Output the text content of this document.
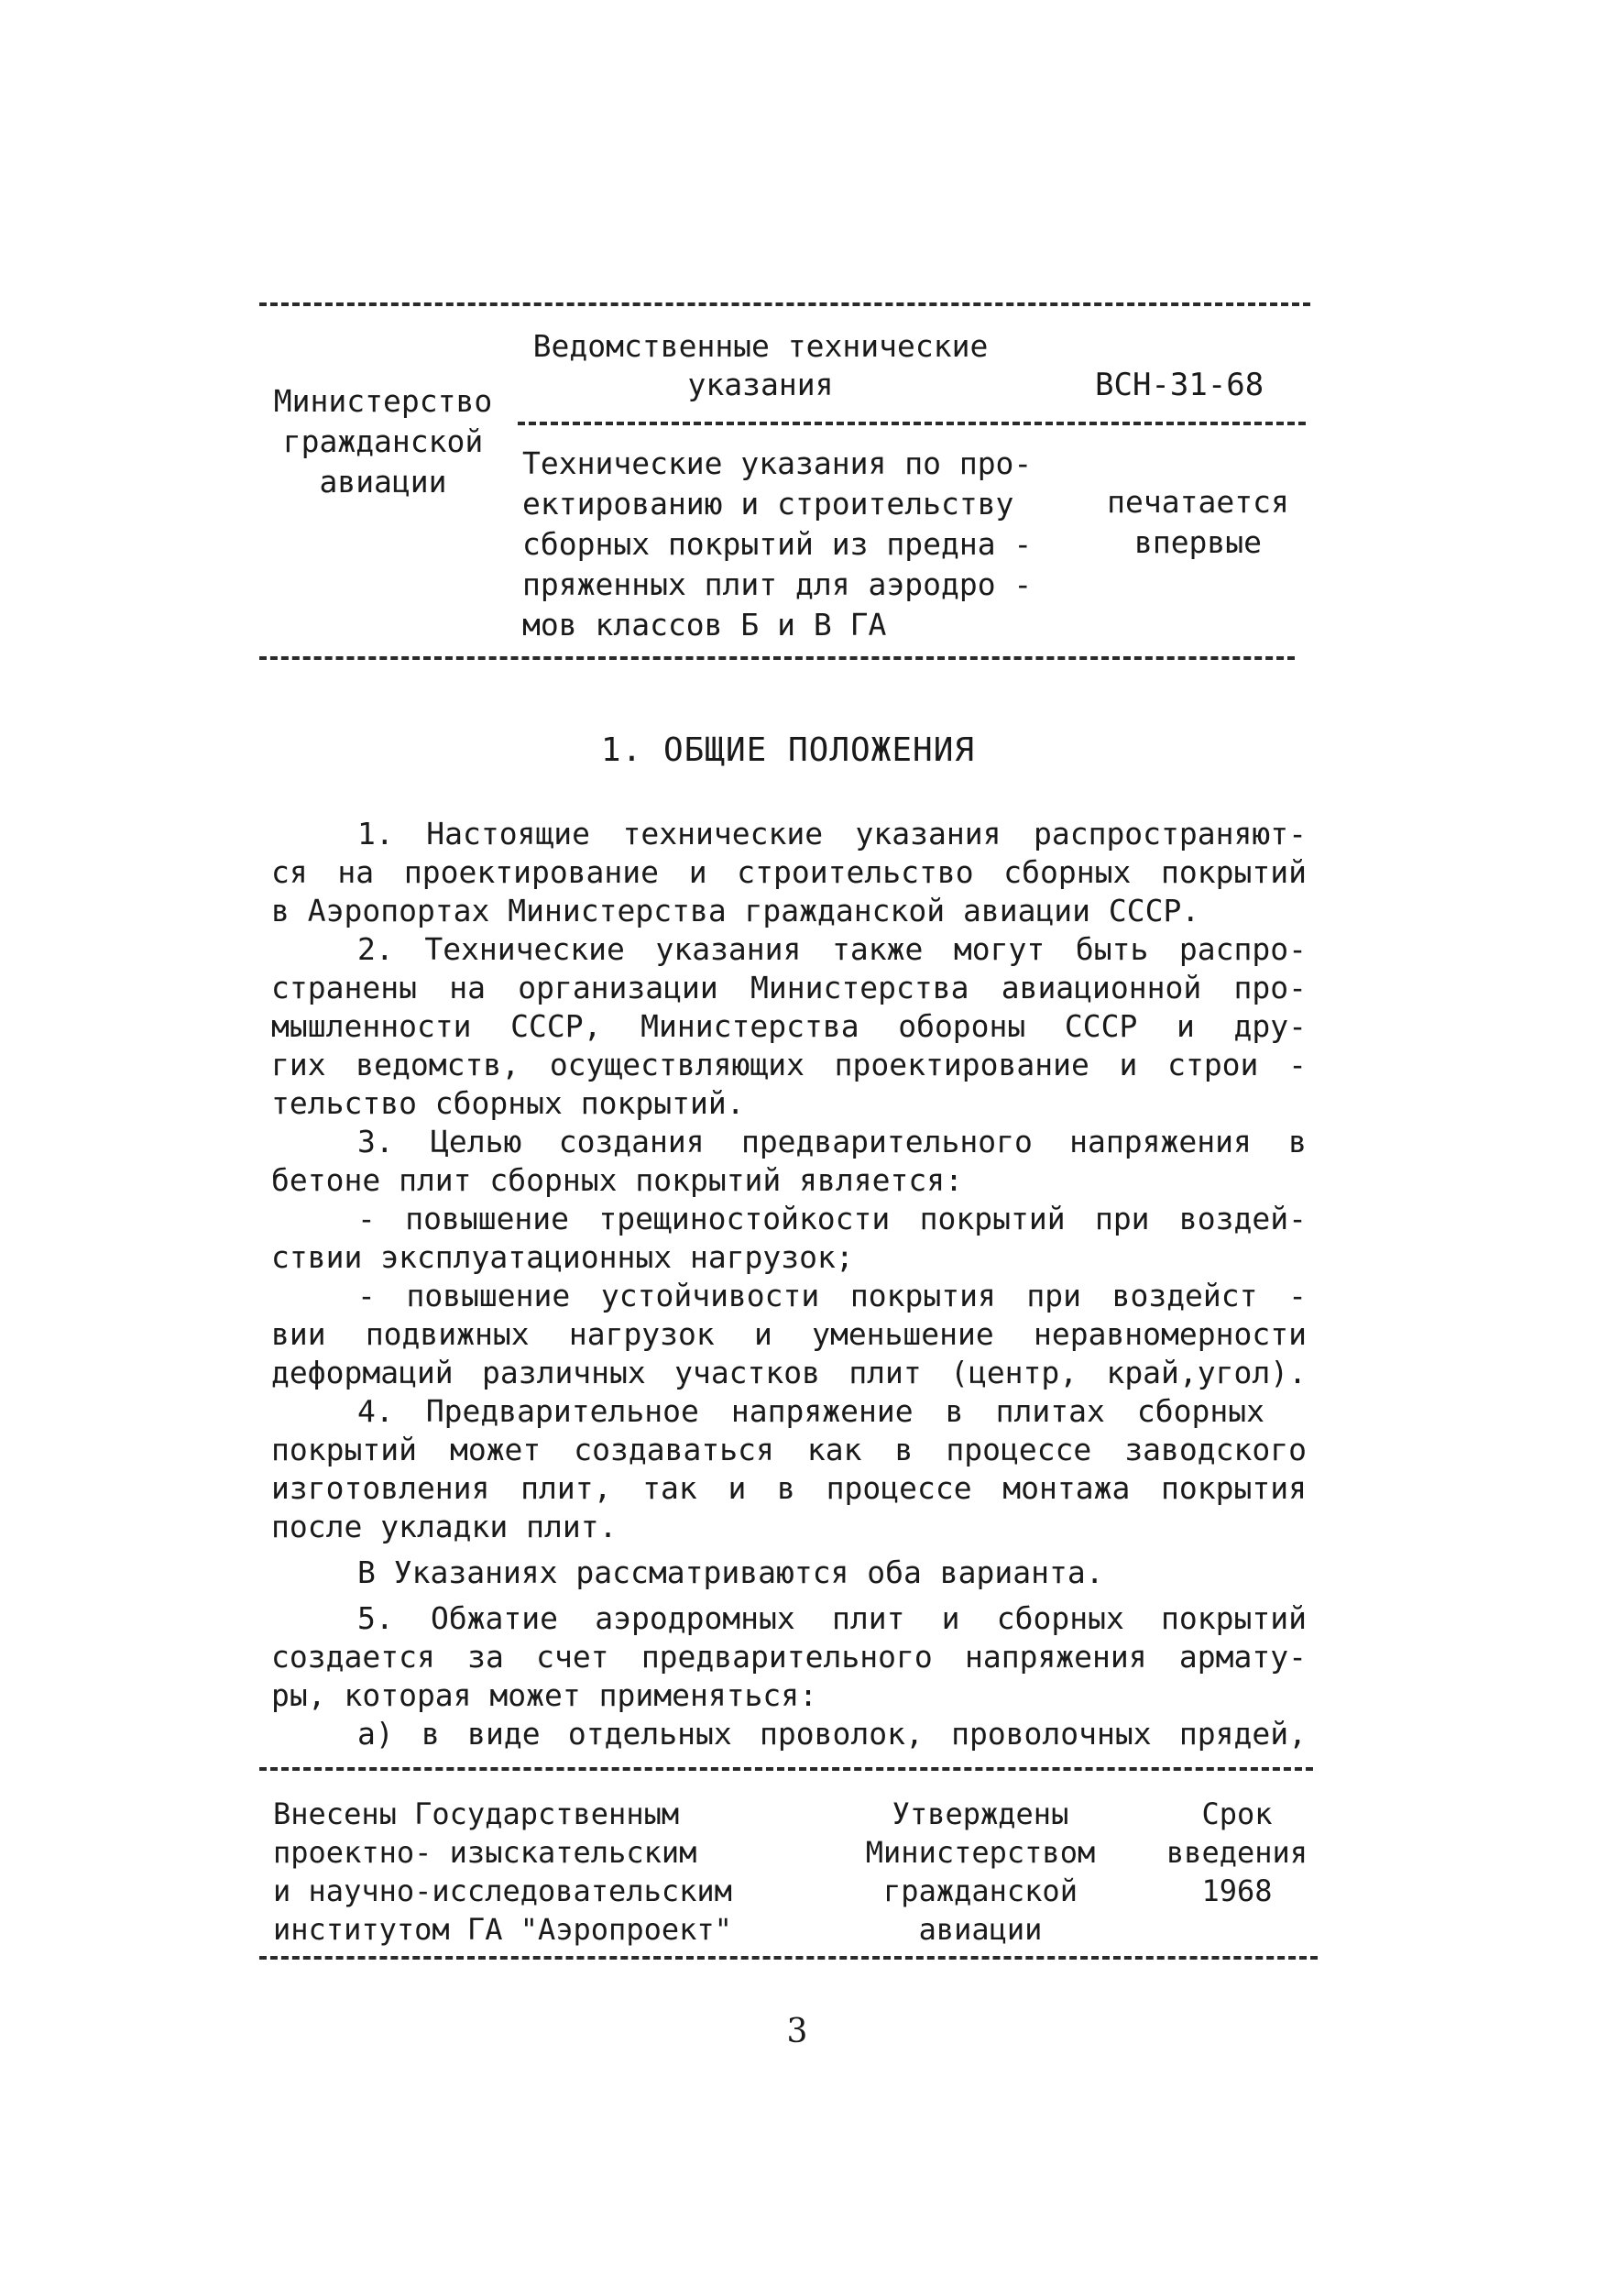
Министерство
гражданской
авиации
Ведомственные технические
указания	ВСН-31-68
Технические указания по про-
ектированию и строительству
сборных покрытий из предна -
пряженных плит для аэродро -
мов классов Б и В ГА
печатается
впервые
1. ОБЩИЕ ПОЛОЖЕНИЯ
1. Настоящие технические указания распространяют-
ся на проектирование и строительство сборных покрытий
в Аэропортах Министерства гражданской авиации СССР.
2. Технические указания также могут быть распро-
странены на организации Министерства авиационной про-
мышленности СССР, Министерства обороны СССР и дру-
гих ведомств, осуществляющих проектирование и строи -
тельство сборных покрытий.
3. Целью создания предварительного напряжения в
бетоне плит сборных покрытий является:
- повышение трещиностойкости покрытий при воздей-
ствии эксплуатационных нагрузок;
- повышение устойчивости покрытия при воздейст -
вии подвижных нагрузок и уменьшение неравномерности
деформаций различных участков плит (центр, край,угол).
4. Предварительное напряжение в плитах сборных
покрытий может создаваться как в процессе заводского
изготовления плит, так и в процессе монтажа покрытия
после укладки плит.
В Указаниях рассматриваются оба варианта.
5. Обжатие аэродромных плит и сборных покрытий
создается за счет предварительного напряжения армату-
ры, которая может применяться:
а) в виде отдельных проволок, проволочных прядей,
Внесены Государственным
проектно- изыскательским
и научно-исследовательским
институтом ГА "Аэропроект"
Утверждены
Министерством
гражданской
авиации
Срок
введения
1968
3
